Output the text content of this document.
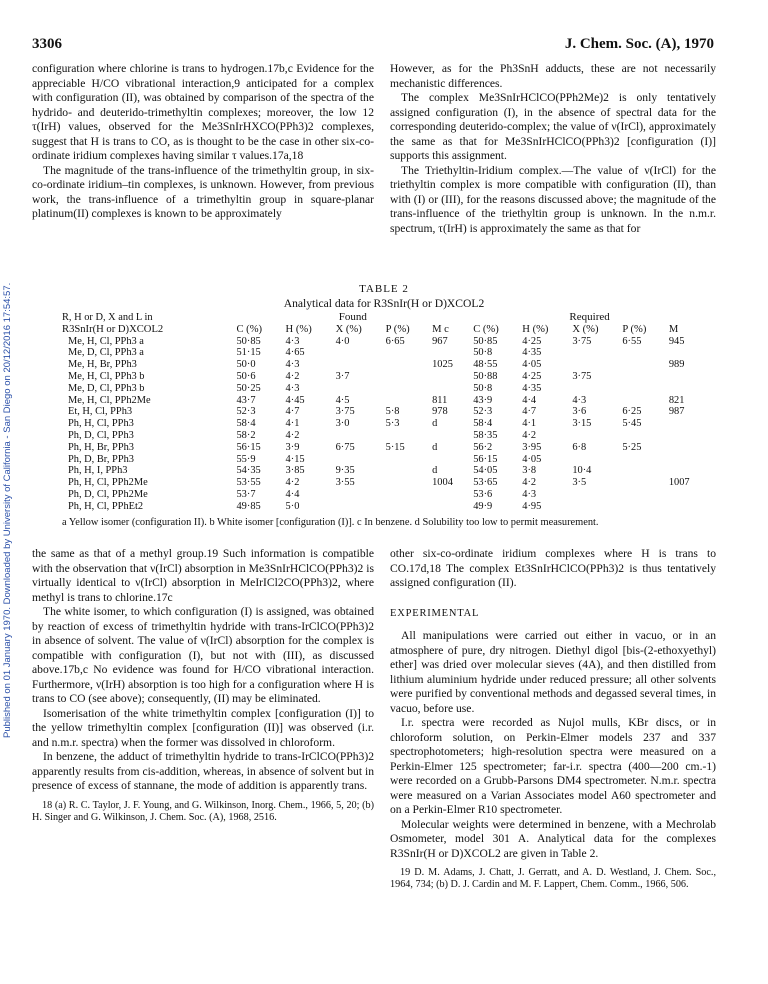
Published on 01 January 1970. Downloaded by University of California - San Diego on 20/12/2016 17:54:57.
3306	J. Chem. Soc. (A), 1970

configuration where chlorine is trans to hydrogen.17b,c Evidence for the appreciable H/CO vibrational interaction,9 anticipated for a complex with configuration (II), was obtained by comparison of the spectra of the hydrido- and deuterido-trimethyltin complexes; moreover, the low 12 τ(IrH) values, observed for the Me3SnIrHXCO(PPh3)2 complexes, suggest that H is trans to CO, as is thought to be the case in other six-co-ordinate iridium complexes having similar τ values.17a,18

The magnitude of the trans-influence of the trimethyltin group, in six-co-ordinate iridium–tin complexes, is unknown. However, from previous work, the trans-influence of a trimethyltin group in square-planar platinum(II) complexes is known to be approximately

However, as for the Ph3SnH adducts, these are not necessarily mechanistic differences.

The complex Me3SnIrHClCO(PPh2Me)2 is only tentatively assigned configuration (I), in the absence of spectral data for the corresponding deuterido-complex; the value of ν(IrCl), approximately the same as that for Me3SnIrHClCO(PPh3)2 [configuration (I)] supports this assignment.

The Triethyltin-Iridium complex.—The value of ν(IrCl) for the triethyltin complex is more compatible with configuration (II), than with (I) or (III), for the reasons discussed above; the magnitude of the trans-influence of the triethyltin group is unknown. In the n.m.r. spectrum, τ(IrH) is approximately the same as that for

TABLE 2
Analytical data for R3SnIr(H or D)XCOL2
R, H or D, X and L in	Found					Required				
R3SnIr(H or D)XCOL2	C (%)	H (%)	X (%)	P (%)	M c	C (%)	H (%)	X (%)	P (%)	M
Me, H, Cl, PPh3 a	50·85	4·3	4·0	6·65	967	50·85	4·25	3·75	6·55	945
Me, D, Cl, PPh3 a	51·15	4·65				50·8	4·35			
Me, H, Br, PPh3	50·0	4·3			1025	48·55	4·05			989
Me, H, Cl, PPh3 b	50·6	4·2	3·7			50·88	4·25	3·75		
Me, D, Cl, PPh3 b	50·25	4·3				50·8	4·35			
Me, H, Cl, PPh2Me	43·7	4·45	4·5		811	43·9	4·4	4·3		821
Et, H, Cl, PPh3	52·3	4·7	3·75	5·8	978	52·3	4·7	3·6	6·25	987
Ph, H, Cl, PPh3	58·4	4·1	3·0	5·3	d	58·4	4·1	3·15	5·45	
Ph, D, Cl, PPh3	58·2	4·2				58·35	4·2			
Ph, H, Br, PPh3	56·15	3·9	6·75	5·15	d	56·2	3·95	6·8	5·25	
Ph, D, Br, PPh3	55·9	4·15				56·15	4·05			
Ph, H, I, PPh3	54·35	3·85	9·35		d	54·05	3·8	10·4		
Ph, H, Cl, PPh2Me	53·55	4·2	3·55		1004	53·65	4·2	3·5		1007
Ph, D, Cl, PPh2Me	53·7	4·4				53·6	4·3			
Ph, H, Cl, PPhEt2	49·85	5·0				49·9	4·95			
a Yellow isomer (configuration II). b White isomer [configuration (I)]. c In benzene. d Solubility too low to permit measurement.

the same as that of a methyl group.19 Such information is compatible with the observation that ν(IrCl) absorption in Me3SnIrHClCO(PPh3)2 is virtually identical to ν(IrCl) absorption in MeIrICl2CO(PPh3)2, where methyl is trans to chlorine.17c

The white isomer, to which configuration (I) is assigned, was obtained by reaction of excess of trimethyltin hydride with trans-IrClCO(PPh3)2 in absence of solvent. The value of ν(IrCl) absorption for the complex is compatible with configuration (I), but not with (III), as discussed above.17b,c No evidence was found for H/CO vibrational interaction. Furthermore, ν(IrH) absorption is too high for a configuration where H is trans to CO (see above); consequently, (II) may be eliminated.

Isomerisation of the white trimethyltin complex [configuration (I)] to the yellow trimethyltin complex [configuration (II)] was observed (i.r. and n.m.r. spectra) when the former was dissolved in chloroform.

In benzene, the adduct of trimethyltin hydride to trans-IrClCO(PPh3)2 apparently results from cis-addition, whereas, in absence of solvent but in presence of excess of stannane, the mode of addition is apparently trans.

18 (a) R. C. Taylor, J. F. Young, and G. Wilkinson, Inorg. Chem., 1966, 5, 20; (b) H. Singer and G. Wilkinson, J. Chem. Soc. (A), 1968, 2516.

other six-co-ordinate iridium complexes where H is trans to CO.17d,18 The complex Et3SnIrHClCO(PPh3)2 is thus tentatively assigned configuration (II).

EXPERIMENTAL

All manipulations were carried out either in vacuo, or in an atmosphere of pure, dry nitrogen. Diethyl digol [bis-(2-ethoxyethyl) ether] was dried over molecular sieves (4A), and then distilled from lithium aluminium hydride under reduced pressure; all other solvents were purified by conventional methods and degassed several times, in vacuo, before use.

I.r. spectra were recorded as Nujol mulls, KBr discs, or in chloroform solution, on Perkin-Elmer models 237 and 337 spectrophotometers; high-resolution spectra were measured on a Perkin-Elmer 125 spectrometer; far-i.r. spectra (400—200 cm.-1) were recorded on a Grubb-Parsons DM4 spectrometer. N.m.r. spectra were measured on a Varian Associates model A60 spectrometer and on a Perkin-Elmer R10 spectrometer.

Molecular weights were determined in benzene, with a Mechrolab Osmometer, model 301 A. Analytical data for the complexes R3SnIr(H or D)XCOL2 are given in Table 2.

19 D. M. Adams, J. Chatt, J. Gerratt, and A. D. Westland, J. Chem. Soc., 1964, 734; (b) D. J. Cardin and M. F. Lappert, Chem. Comm., 1966, 506.
